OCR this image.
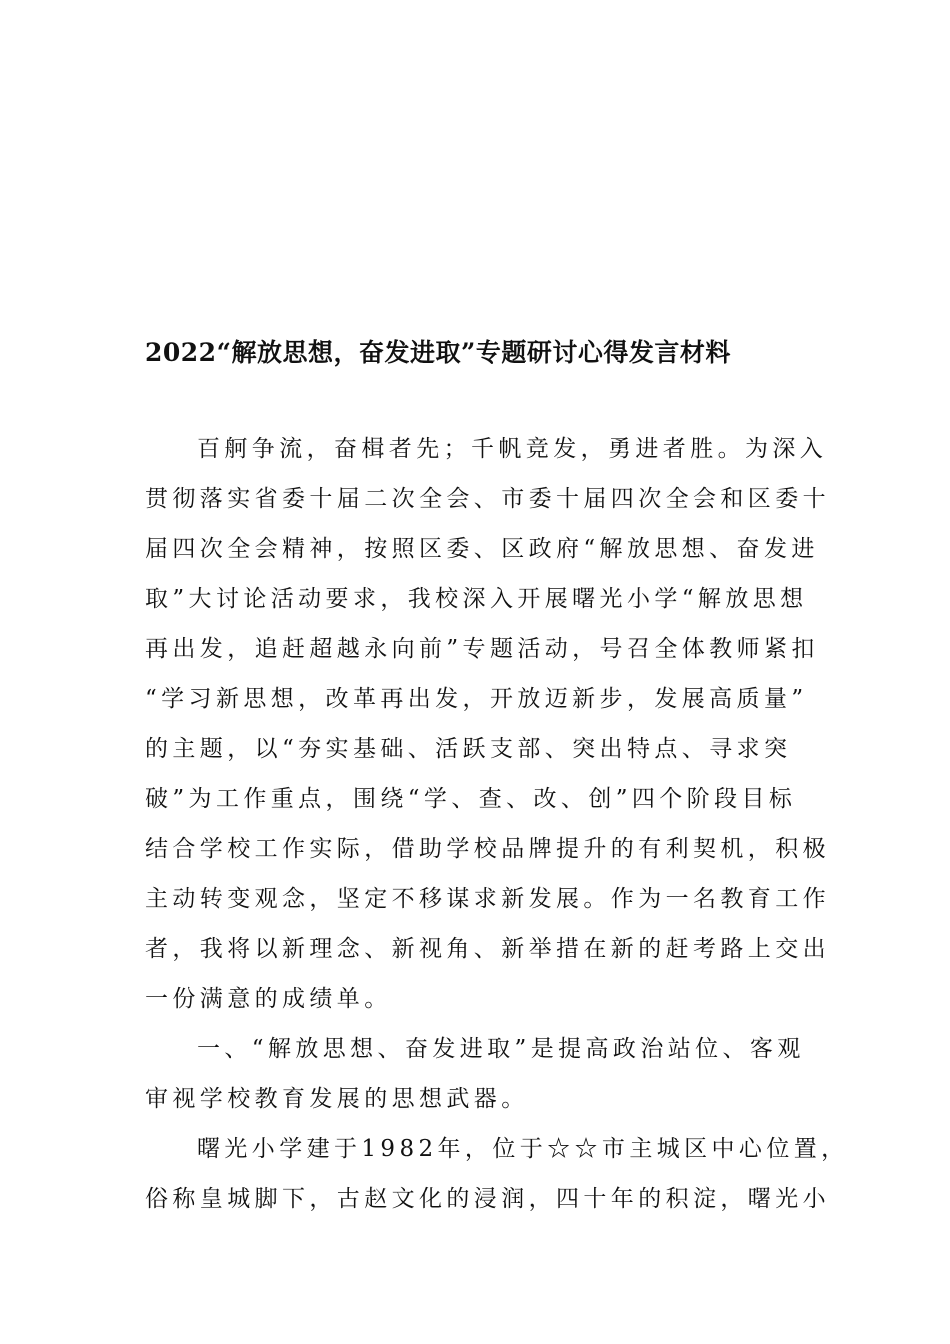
2022“解放思想，奋发进取”专题研讨心得发言材料
百舸争流，奋楫者先；千帆竞发，勇进者胜。为深入
贯彻落实省委十届二次全会、市委十届四次全会和区委十
届四次全会精神，按照区委、区政府“解放思想、奋发进
取”大讨论活动要求，我校深入开展曙光小学“解放思想
再出发，追赶超越永向前”专题活动，号召全体教师紧扣
“学习新思想，改革再出发，开放迈新步，发展高质量”
的主题，以“夯实基础、活跃支部、突出特点、寻求突
破”为工作重点，围绕“学、查、改、创”四个阶段目标
结合学校工作实际，借助学校品牌提升的有利契机，积极
主动转变观念，坚定不移谋求新发展。作为一名教育工作
者，我将以新理念、新视角、新举措在新的赶考路上交出
一份满意的成绩单。
一、“解放思想、奋发进取”是提高政治站位、客观
审视学校教育发展的思想武器。
曙光小学建于1982年，位于☆☆市主城区中心位置，
俗称皇城脚下，古赵文化的浸润，四十年的积淀，曙光小
